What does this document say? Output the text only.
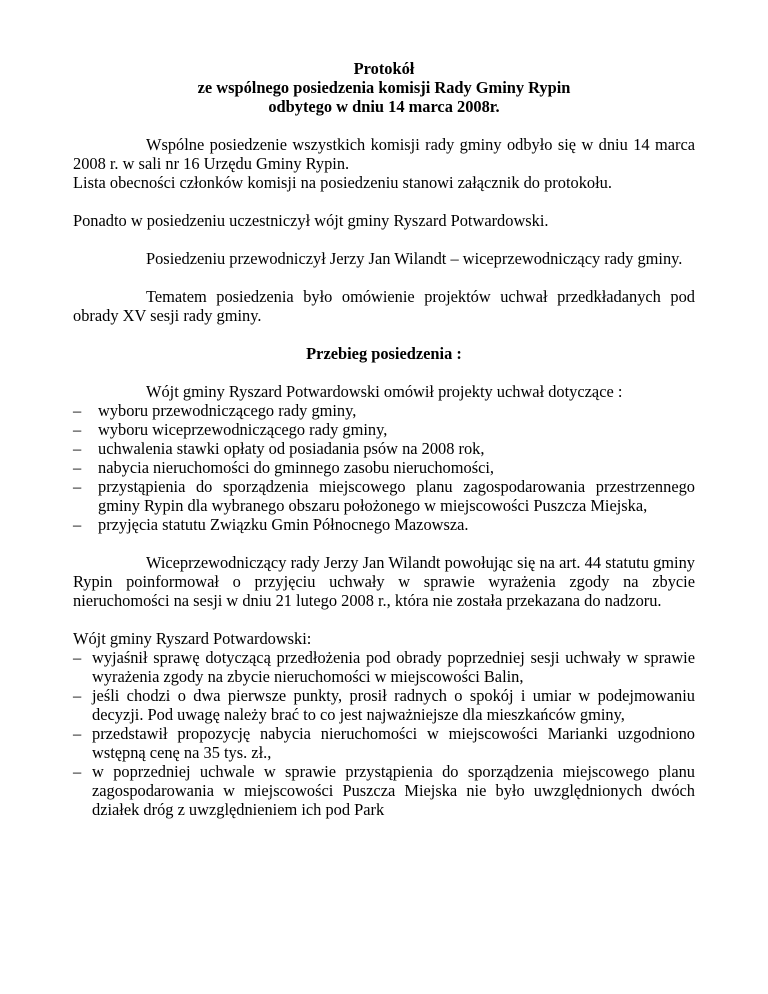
Protokół
ze wspólnego posiedzenia komisji Rady Gminy Rypin
odbytego w dniu 14 marca 2008r.

Wspólne posiedzenie wszystkich komisji rady gminy odbyło się w dniu 14 marca 2008 r. w sali nr 16 Urzędu Gminy Rypin.

Lista obecności członków komisji na posiedzeniu stanowi załącznik do protokołu.

Ponadto w posiedzeniu uczestniczył wójt gminy Ryszard Potwardowski.

Posiedzeniu przewodniczył Jerzy Jan Wilandt – wiceprzewodniczący rady gminy.

Tematem posiedzenia było omówienie projektów uchwał przedkładanych pod obrady XV sesji rady gminy.

Przebieg posiedzenia :

Wójt gminy Ryszard Potwardowski omówił projekty uchwał dotyczące :

– wyboru przewodniczącego rady gminy,
– wyboru wiceprzewodniczącego rady gminy,
– uchwalenia stawki opłaty od posiadania psów na 2008 rok,
– nabycia nieruchomości do gminnego zasobu nieruchomości,
– przystąpienia do sporządzenia miejscowego planu zagospodarowania przestrzennego gminy Rypin dla wybranego obszaru położonego w miejscowości Puszcza Miejska,
– przyjęcia statutu Związku Gmin Północnego Mazowsza.

Wiceprzewodniczący rady Jerzy Jan Wilandt powołując się na art. 44 statutu gminy Rypin poinformował o przyjęciu uchwały w sprawie wyrażenia zgody na zbycie nieruchomości na sesji w dniu 21 lutego 2008 r., która nie została przekazana do nadzoru.

Wójt gminy Ryszard Potwardowski:

– wyjaśnił sprawę dotyczącą przedłożenia pod obrady poprzedniej sesji uchwały w sprawie wyrażenia zgody na zbycie nieruchomości w miejscowości Balin,
– jeśli chodzi o dwa pierwsze punkty, prosił radnych o spokój i umiar w podejmowaniu decyzji. Pod uwagę należy brać to co jest najważniejsze dla mieszkańców gminy,
– przedstawił propozycję nabycia nieruchomości w miejscowości Marianki uzgodniono wstępną cenę na 35 tys. zł.,
– w poprzedniej uchwale w sprawie przystąpienia do sporządzenia miejscowego planu zagospodarowania w miejscowości Puszcza Miejska nie było uwzględnionych dwóch działek dróg z uwzględnieniem ich pod Park
